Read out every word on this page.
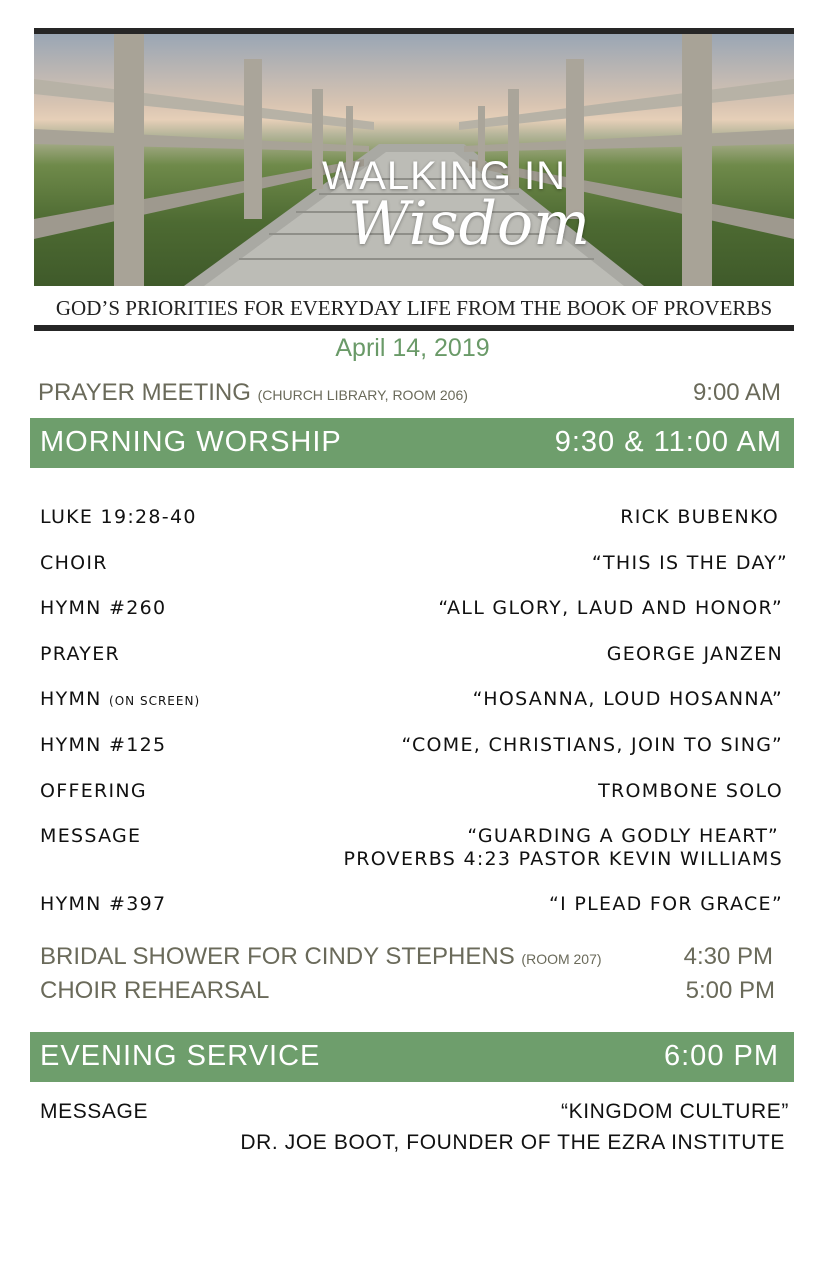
WALKING IN
Wisdom
GOD’S PRIORITIES FOR EVERYDAY LIFE FROM THE BOOK OF PROVERBS
April 14, 2019
PRAYER MEETING (CHURCH LIBRARY, ROOM 206)	9:00 AM
MORNING WORSHIP	9:30 & 11:00 AM
LUKE 19:28-40	RICK BUBENKO
CHOIR	“THIS IS THE DAY”
HYMN #260	“ALL GLORY, LAUD AND HONOR”
PRAYER	GEORGE JANZEN
HYMN (ON SCREEN)	“HOSANNA, LOUD HOSANNA”
HYMN #125	“COME, CHRISTIANS, JOIN TO SING”
OFFERING	TROMBONE SOLO
MESSAGE	“GUARDING A GODLY HEART”
PROVERBS 4:23 PASTOR KEVIN WILLIAMS
HYMN #397	“I PLEAD FOR GRACE”
BRIDAL SHOWER FOR CINDY STEPHENS (ROOM 207)	4:30 PM
CHOIR REHEARSAL	5:00 PM
EVENING SERVICE	6:00 PM
MESSAGE	“KINGDOM CULTURE”
DR. JOE BOOT, FOUNDER OF THE EZRA INSTITUTE
